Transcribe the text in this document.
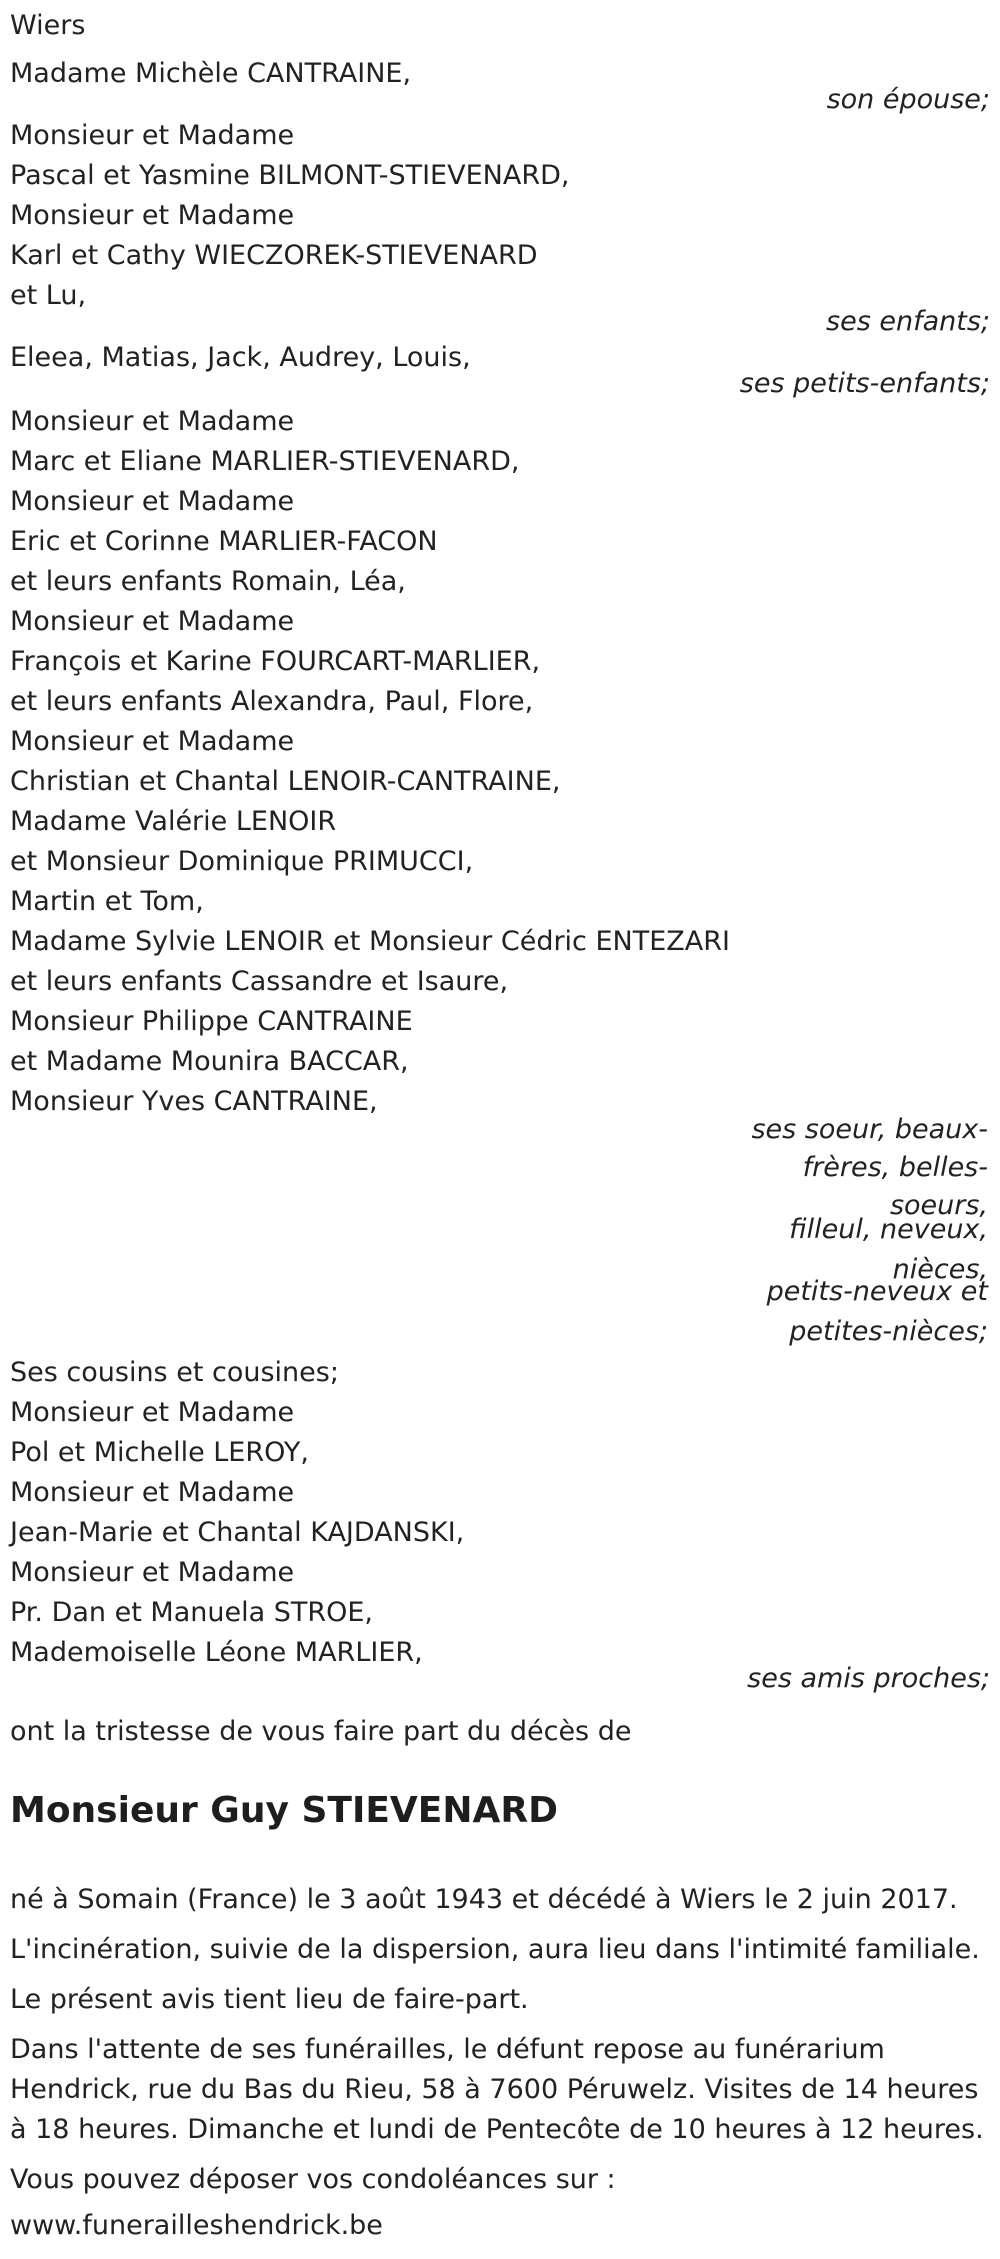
Wiers
Madame Michèle CANTRAINE,
son épouse;
Monsieur et Madame
Pascal et Yasmine BILMONT-STIEVENARD,
Monsieur et Madame
Karl et Cathy WIECZOREK-STIEVENARD
et Lu,
ses enfants;
Eleea, Matias, Jack, Audrey, Louis,
ses petits-enfants;
Monsieur et Madame
Marc et Eliane MARLIER-STIEVENARD,
Monsieur et Madame
Eric et Corinne MARLIER-FACON
et leurs enfants Romain, Léa,
Monsieur et Madame
François et Karine FOURCART-MARLIER,
et leurs enfants Alexandra, Paul, Flore,
Monsieur et Madame
Christian et Chantal LENOIR-CANTRAINE,
Madame Valérie LENOIR
et Monsieur Dominique PRIMUCCI,
Martin et Tom,
Madame Sylvie LENOIR et Monsieur Cédric ENTEZARI
et leurs enfants Cassandre et Isaure,
Monsieur Philippe CANTRAINE
et Madame Mounira BACCAR,
Monsieur Yves CANTRAINE,
ses soeur, beaux-
frères, belles-
soeurs,
filleul, neveux,
nièces,
petits-neveux et
petites-nièces;
Ses cousins et cousines;
Monsieur et Madame
Pol et Michelle LEROY,
Monsieur et Madame
Jean-Marie et Chantal KAJDANSKI,
Monsieur et Madame
Pr. Dan et Manuela STROE,
Mademoiselle Léone MARLIER,
ses amis proches;
ont la tristesse de vous faire part du décès de
Monsieur Guy STIEVENARD
né à Somain (France) le 3 août 1943 et décédé à Wiers le 2 juin 2017.
L'incinération, suivie de la dispersion, aura lieu dans l'intimité familiale.
Le présent avis tient lieu de faire-part.
Dans l'attente de ses funérailles, le défunt repose au funérarium Hendrick, rue du Bas du Rieu, 58 à 7600 Péruwelz. Visites de 14 heures à 18 heures. Dimanche et lundi de Pentecôte de 10 heures à 12 heures.
Vous pouvez déposer vos condoléances sur :
www.funerailleshendrick.be
